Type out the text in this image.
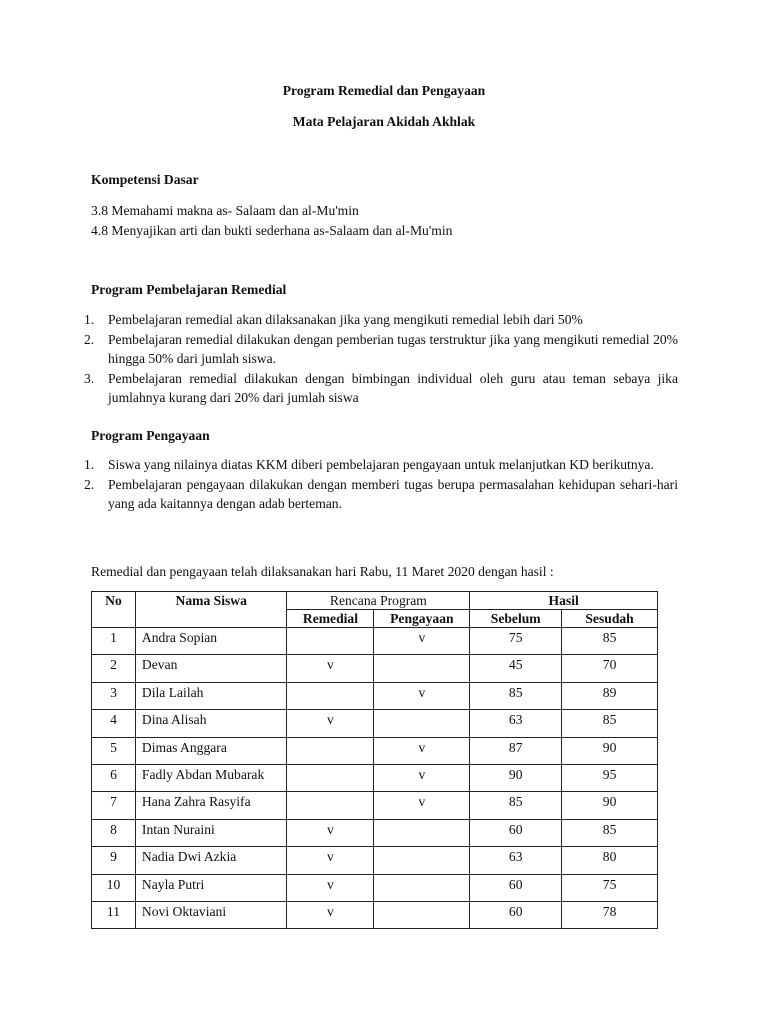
Program Remedial dan Pengayaan
Mata Pelajaran Akidah Akhlak
Kompetensi Dasar
3.8 Memahami makna as- Salaam dan al-Mu'min
4.8 Menyajikan arti dan bukti sederhana as-Salaam dan al-Mu'min
Program Pembelajaran Remedial
1.	Pembelajaran remedial akan dilaksanakan jika yang mengikuti remedial lebih dari 50%
2.	Pembelajaran remedial dilakukan dengan pemberian tugas terstruktur jika yang mengikuti remedial 20% hingga 50% dari jumlah siswa.
3.	Pembelajaran remedial dilakukan dengan bimbingan individual oleh guru atau teman sebaya jika jumlahnya kurang dari 20% dari jumlah siswa
Program Pengayaan
1.	Siswa yang nilainya diatas KKM diberi pembelajaran pengayaan untuk melanjutkan KD berikutnya.
2.	Pembelajaran pengayaan dilakukan dengan memberi tugas berupa permasalahan kehidupan sehari-hari yang ada kaitannya dengan adab berteman.
Remedial dan pengayaan telah dilaksanakan hari Rabu, 11 Maret 2020 dengan hasil :
No	Nama Siswa	Rencana Program		Hasil	
		Remedial	Pengayaan	Sebelum	Sesudah
1	Andra Sopian		v	75	85
2	Devan	v		45	70
3	Dila Lailah		v	85	89
4	Dina Alisah	v		63	85
5	Dimas Anggara		v	87	90
6	Fadly Abdan Mubarak		v	90	95
7	Hana Zahra Rasyifa		v	85	90
8	Intan Nuraini	v		60	85
9	Nadia Dwi Azkia	v		63	80
10	Nayla Putri	v		60	75
11	Novi Oktaviani	v		60	78
